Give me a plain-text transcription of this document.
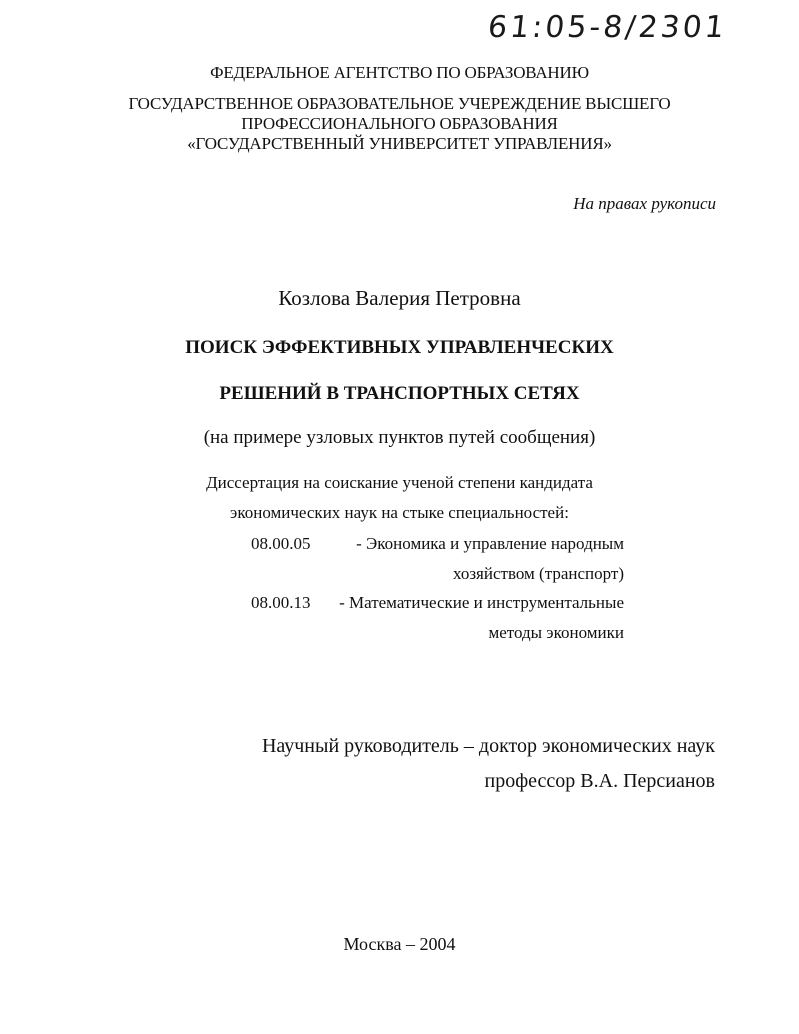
61:05-8/2301
ФЕДЕРАЛЬНОЕ АГЕНТСТВО ПО ОБРАЗОВАНИЮ
ГОСУДАРСТВЕННОЕ ОБРАЗОВАТЕЛЬНОЕ УЧЕРЕЖДЕНИЕ ВЫСШЕГО
ПРОФЕССИОНАЛЬНОГО ОБРАЗОВАНИЯ
«ГОСУДАРСТВЕННЫЙ УНИВЕРСИТЕТ УПРАВЛЕНИЯ»
На правах рукописи
Козлова Валерия Петровна
ПОИСК ЭФФЕКТИВНЫХ УПРАВЛЕНЧЕСКИХ
РЕШЕНИЙ В ТРАНСПОРТНЫХ СЕТЯХ
(на примере узловых пунктов путей сообщения)
Диссертация на соискание ученой степени кандидата
экономических наук на стыке специальностей:
08.00.05	- Экономика и управление народным
хозяйством (транспорт)
08.00.13 - Математические и инструментальные
методы экономики
Научный руководитель – доктор экономических наук
профессор В.А. Персианов
Москва – 2004
